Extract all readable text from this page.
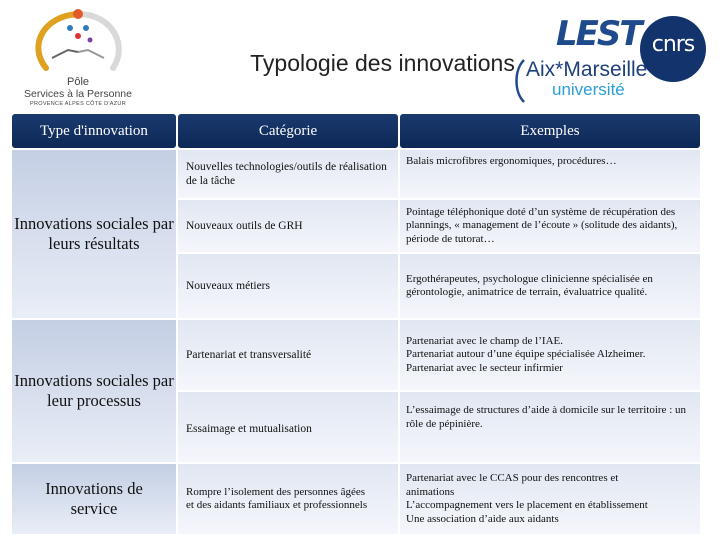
Pôle
Services à la Personne
PROVENCE ALPES CÔTE D'AZUR
Typologie des innovations
LEST
Aix*Marseille
université
cnrs
Type d'innovation	Catégorie	Exemples
Innovations sociales par leurs résultats
Innovations sociales par leur processus
Innovations de service
Nouvelles technologies/outils de réalisation de la tâche
Nouveaux outils de GRH
Nouveaux métiers
Partenariat et transversalité
Essaimage et mutualisation
Rompre l’isolement des personnes âgées et des aidants familiaux et professionnels
Balais microfibres ergonomiques, procédures…
Pointage téléphonique doté d’un système de récupération des plannings, « management de l’écoute » (solitude des aidants), période de tutorat…
Ergothérapeutes, psychologue clinicienne spécialisée en gérontologie, animatrice de terrain, évaluatrice qualité.
Partenariat avec le champ de l’IAE.
Partenariat autour d’une équipe spécialisée Alzheimer.
Partenariat avec le secteur infirmier
L’essaimage de structures d’aide à domicile sur le territoire : un rôle de pépinière.
Partenariat avec le CCAS pour des rencontres et animations
L’accompagnement vers le placement en établissement
Une association d’aide aux aidants
